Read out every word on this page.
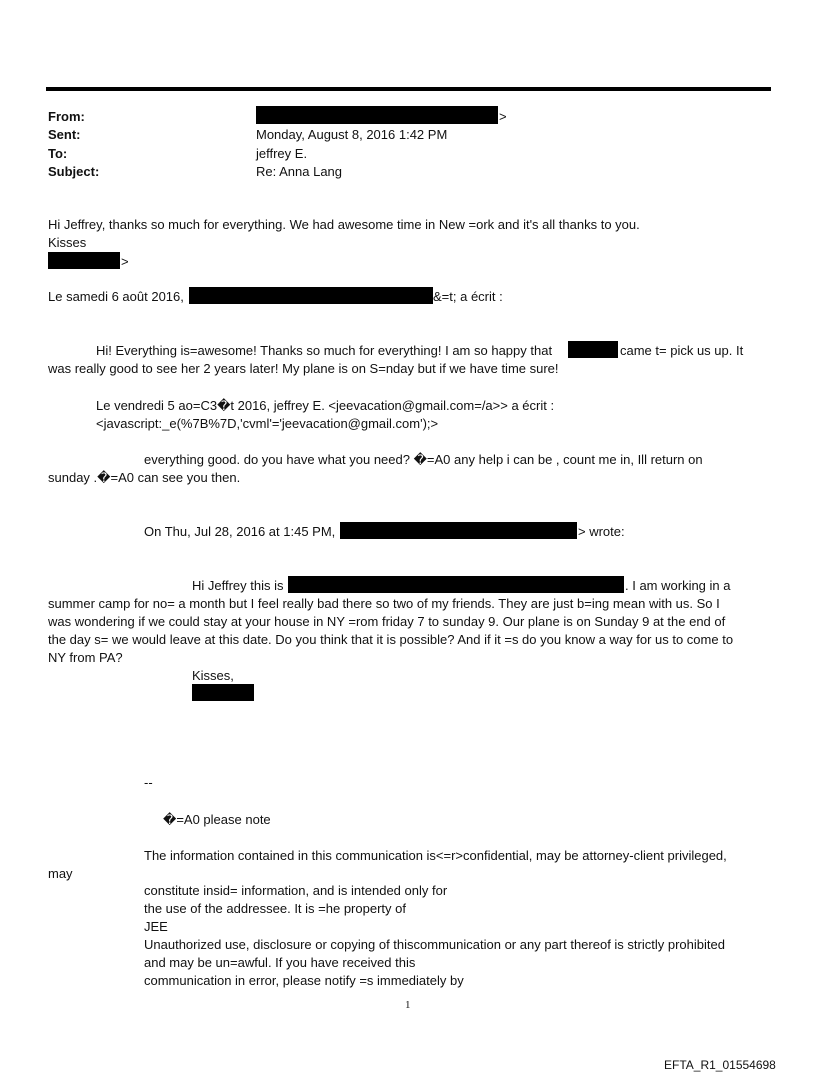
From:	>
Sent:	Monday, August 8, 2016 1:42 PM
To:	jeffrey E.
Subject:	Re: Anna Lang
Hi Jeffrey, thanks so much for everything. We had awesome time in New =ork and it's all thanks to you.
Kisses
>
Le samedi 6 août 2016,	&=t; a écrit :
Hi! Everything is=awesome! Thanks so much for everything! I am so happy that	came t= pick us up. It
was really good to see her 2 years later! My plane is on S=nday but if we have time sure!
Le vendredi 5 ao=C3�t 2016, jeffrey E. <jeevacation@gmail.com=/a>> a écrit :
<javascript:_e(%7B%7D,'cvml'='jeevacation@gmail.com');>
everything good. do you have what you need? �=A0 any help i can be , count me in, Ill return on
sunday .�=A0 can see you then.
On Thu, Jul 28, 2016 at 1:45 PM,	> wrote:
Hi Jeffrey this is	. I am working in a
summer camp for no= a month but I feel really bad there so two of my friends. They are just b=ing mean with us. So I
was wondering if we could stay at your house in NY =rom friday 7 to sunday 9. Our plane is on Sunday 9 at the end of
the day s= we would leave at this date. Do you think that it is possible? And if it =s do you know a way for us to come to
NY from PA?
Kisses,
--
�=A0 please note
The information contained in this communication is<=r>confidential, may be attorney-client privileged,
may
constitute insid= information, and is intended only for
the use of the addressee. It is =he property of
JEE
Unauthorized use, disclosure or copying of thiscommunication or any part thereof is strictly prohibited
and may be un=awful. If you have received this
communication in error, please notify =s immediately by
1
EFTA_R1_01554698
